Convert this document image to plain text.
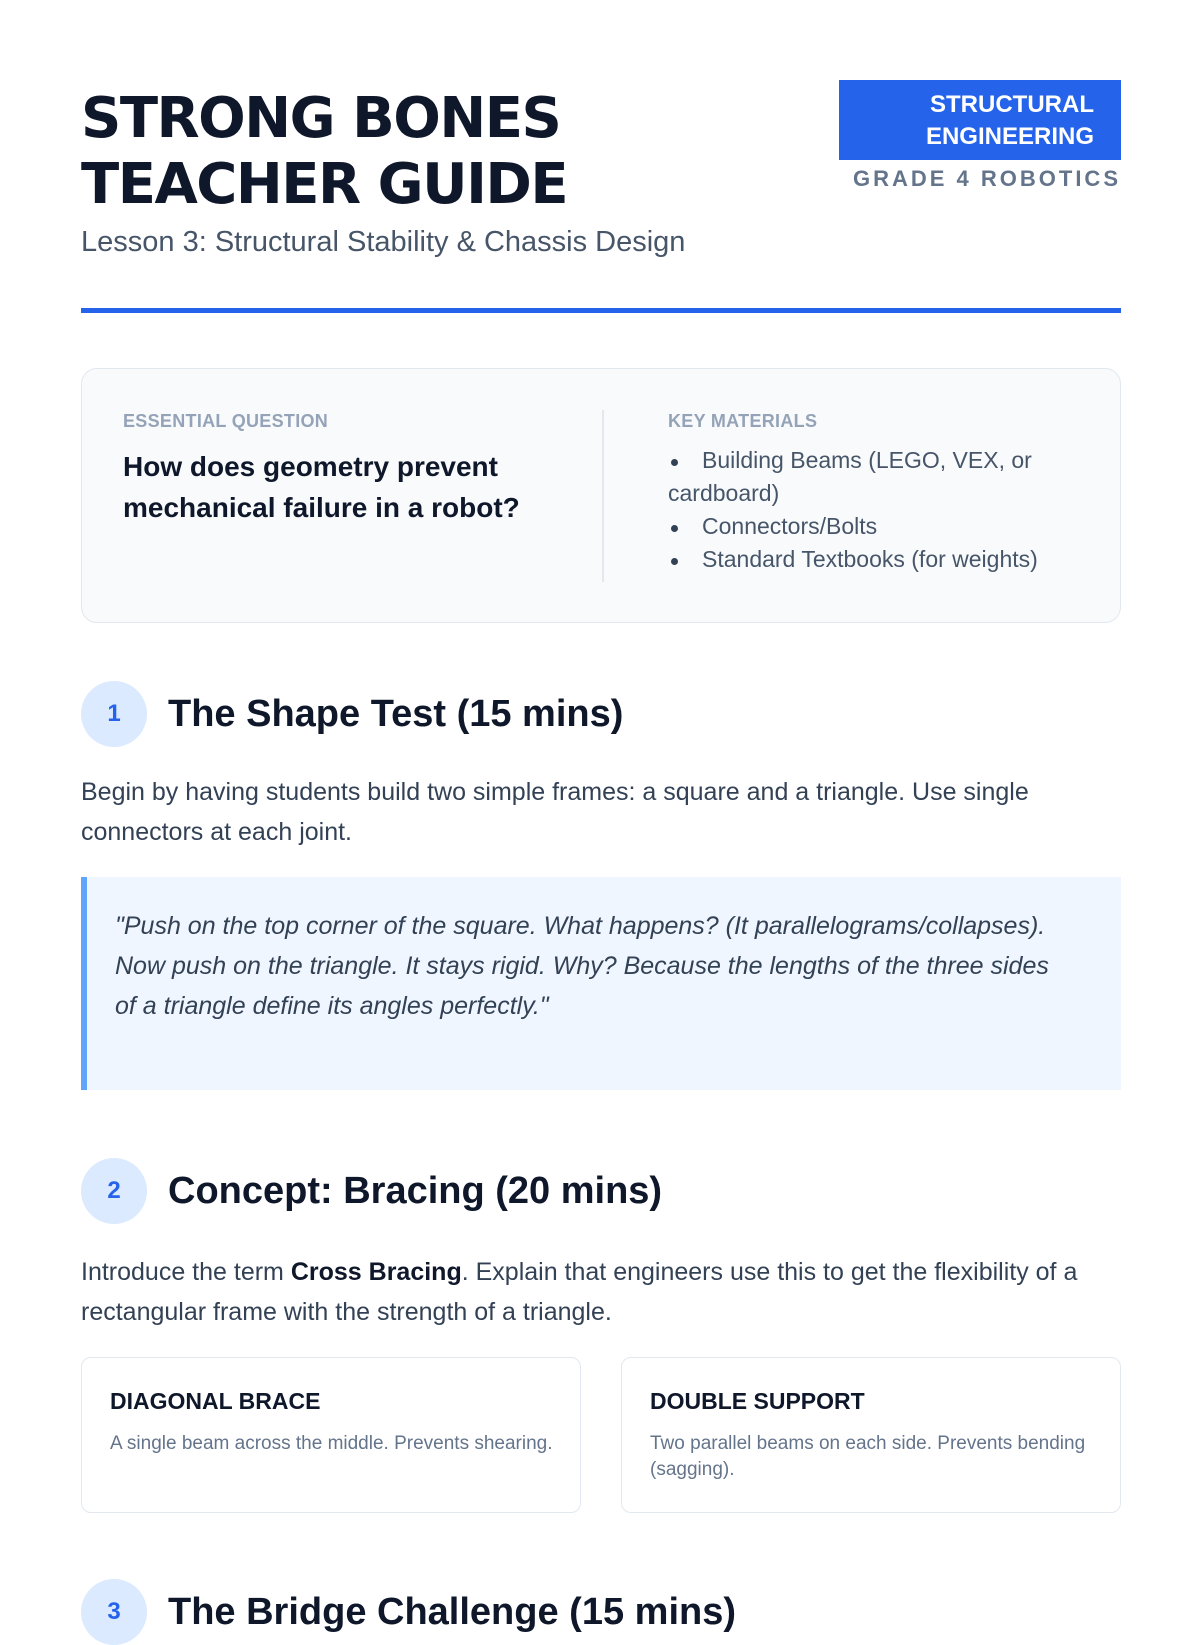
STRONG BONES
TEACHER GUIDE
Lesson 3: Structural Stability & Chassis Design
STRUCTURAL
ENGINEERING
GRADE 4 ROBOTICS
ESSENTIAL QUESTION
How does geometry prevent mechanical failure in a robot?
KEY MATERIALS
Building Beams (LEGO, VEX, or cardboard)
Connectors/Bolts
Standard Textbooks (for weights)
1	The Shape Test (15 mins)

Begin by having students build two simple frames: a square and a triangle. Use single connectors at each joint.

"Push on the top corner of the square. What happens? (It parallelograms/collapses). Now push on the triangle. It stays rigid. Why? Because the lengths of the three sides of a triangle define its angles perfectly."
2	Concept: Bracing (20 mins)

Introduce the term Cross Bracing. Explain that engineers use this to get the flexibility of a rectangular frame with the strength of a triangle.

DIAGONAL BRACE
A single beam across the middle. Prevents shearing.
DOUBLE SUPPORT
Two parallel beams on each side. Prevents bending (sagging).
3	The Bridge Challenge (15 mins)
